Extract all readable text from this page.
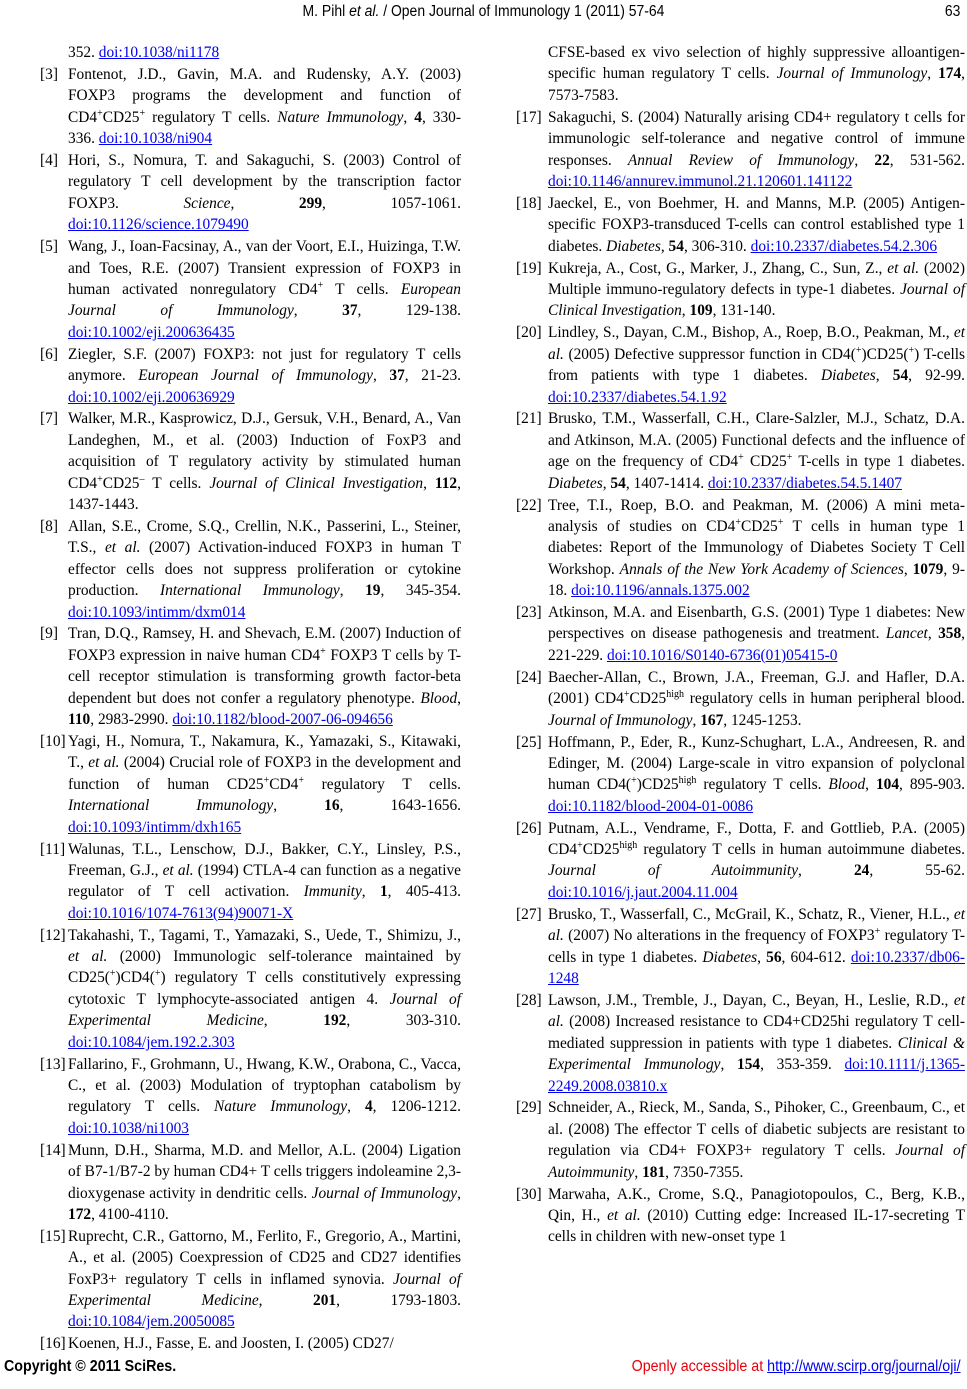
M. Pihl et al. / Open Journal of Immunology 1 (2011) 57-64	63
352. doi:10.1038/ni1178
[3] Fontenot, J.D., Gavin, M.A. and Rudensky, A.Y. (2003) FOXP3 programs the development and function of CD4+CD25+ regulatory T cells. Nature Immunology, 4, 330-336. doi:10.1038/ni904
[4] Hori, S., Nomura, T. and Sakaguchi, S. (2003) Control of regulatory T cell development by the transcription factor FOXP3. Science, 299, 1057-1061. doi:10.1126/science.1079490
[5] Wang, J., Ioan-Facsinay, A., van der Voort, E.I., Huizinga, T.W. and Toes, R.E. (2007) Transient expression of FOXP3 in human activated nonregulatory CD4+ T cells. European Journal of Immunology, 37, 129-138. doi:10.1002/eji.200636435
[6] Ziegler, S.F. (2007) FOXP3: not just for regulatory T cells anymore. European Journal of Immunology, 37, 21-23. doi:10.1002/eji.200636929
[7] Walker, M.R., Kasprowicz, D.J., Gersuk, V.H., Benard, A., Van Landeghen, M., et al. (2003) Induction of FoxP3 and acquisition of T regulatory activity by stimulated human CD4+CD25– T cells. Journal of Clinical Investigation, 112, 1437-1443.
[8] Allan, S.E., Crome, S.Q., Crellin, N.K., Passerini, L., Steiner, T.S., et al. (2007) Activation-induced FOXP3 in human T effector cells does not suppress proliferation or cytokine production. International Immunology, 19, 345-354. doi:10.1093/intimm/dxm014
[9] Tran, D.Q., Ramsey, H. and Shevach, E.M. (2007) Induction of FOXP3 expression in naive human CD4+ FOXP3 T cells by T-cell receptor stimulation is transforming growth factor-beta dependent but does not confer a regulatory phenotype. Blood, 110, 2983-2990. doi:10.1182/blood-2007-06-094656
[10] Yagi, H., Nomura, T., Nakamura, K., Yamazaki, S., Kitawaki, T., et al. (2004) Crucial role of FOXP3 in the development and function of human CD25+CD4+ regulatory T cells. International Immunology, 16, 1643-1656. doi:10.1093/intimm/dxh165
[11] Walunas, T.L., Lenschow, D.J., Bakker, C.Y., Linsley, P.S., Freeman, G.J., et al. (1994) CTLA-4 can function as a negative regulator of T cell activation. Immunity, 1, 405-413. doi:10.1016/1074-7613(94)90071-X
[12] Takahashi, T., Tagami, T., Yamazaki, S., Uede, T., Shimizu, J., et al. (2000) Immunologic self-tolerance maintained by CD25(+)CD4(+) regulatory T cells constitutively expressing cytotoxic T lymphocyte-associated antigen 4. Journal of Experimental Medicine, 192, 303-310. doi:10.1084/jem.192.2.303
[13] Fallarino, F., Grohmann, U., Hwang, K.W., Orabona, C., Vacca, C., et al. (2003) Modulation of tryptophan catabolism by regulatory T cells. Nature Immunology, 4, 1206-1212. doi:10.1038/ni1003
[14] Munn, D.H., Sharma, M.D. and Mellor, A.L. (2004) Ligation of B7-1/B7-2 by human CD4+ T cells triggers indoleamine 2,3-dioxygenase activity in dendritic cells. Journal of Immunology, 172, 4100-4110.
[15] Ruprecht, C.R., Gattorno, M., Ferlito, F., Gregorio, A., Martini, A., et al. (2005) Coexpression of CD25 and CD27 identifies FoxP3+ regulatory T cells in inflamed synovia. Journal of Experimental Medicine, 201, 1793-1803. doi:10.1084/jem.20050085
[16] Koenen, H.J., Fasse, E. and Joosten, I. (2005) CD27/
CFSE-based ex vivo selection of highly suppressive alloantigen-specific human regulatory T cells. Journal of Immunology, 174, 7573-7583.
[17] Sakaguchi, S. (2004) Naturally arising CD4+ regulatory t cells for immunologic self-tolerance and negative control of immune responses. Annual Review of Immunology, 22, 531-562. doi:10.1146/annurev.immunol.21.120601.141122
[18] Jaeckel, E., von Boehmer, H. and Manns, M.P. (2005) Antigen-specific FOXP3-transduced T-cells can control established type 1 diabetes. Diabetes, 54, 306-310. doi:10.2337/diabetes.54.2.306
[19] Kukreja, A., Cost, G., Marker, J., Zhang, C., Sun, Z., et al. (2002) Multiple immuno-regulatory defects in type-1 diabetes. Journal of Clinical Investigation, 109, 131-140.
[20] Lindley, S., Dayan, C.M., Bishop, A., Roep, B.O., Peakman, M., et al. (2005) Defective suppressor function in CD4(+)CD25(+) T-cells from patients with type 1 diabetes. Diabetes, 54, 92-99. doi:10.2337/diabetes.54.1.92
[21] Brusko, T.M., Wasserfall, C.H., Clare-Salzler, M.J., Schatz, D.A. and Atkinson, M.A. (2005) Functional defects and the influence of age on the frequency of CD4+ CD25+ T-cells in type 1 diabetes. Diabetes, 54, 1407-1414. doi:10.2337/diabetes.54.5.1407
[22] Tree, T.I., Roep, B.O. and Peakman, M. (2006) A mini meta-analysis of studies on CD4+CD25+ T cells in human type 1 diabetes: Report of the Immunology of Diabetes Society T Cell Workshop. Annals of the New York Academy of Sciences, 1079, 9-18. doi:10.1196/annals.1375.002
[23] Atkinson, M.A. and Eisenbarth, G.S. (2001) Type 1 diabetes: New perspectives on disease pathogenesis and treatment. Lancet, 358, 221-229. doi:10.1016/S0140-6736(01)05415-0
[24] Baecher-Allan, C., Brown, J.A., Freeman, G.J. and Hafler, D.A. (2001) $CD4^+CD25^{high}$ regulatory cells in human peripheral blood. Journal of Immunology, 167, 1245-1253.
[25] Hoffmann, P., Eder, R., Kunz-Schughart, L.A., Andreesen, R. and Edinger, M. (2004) Large-scale in vitro expansion of polyclonal human $CD4(^+)CD25^{high}$ regulatory T cells. Blood, 104, 895-903. doi:10.1182/blood-2004-01-0086
[26] Putnam, A.L., Vendrame, F., Dotta, F. and Gottlieb, P.A. (2005) $CD4^+CD25^{high}$ regulatory T cells in human autoimmune diabetes. Journal of Autoimmunity, 24, 55-62. doi:10.1016/j.jaut.2004.11.004
[27] Brusko, T., Wasserfall, C., McGrail, K., Schatz, R., Viener, H.L., et al. (2007) No alterations in the frequency of FOXP3+ regulatory T-cells in type 1 diabetes. Diabetes, 56, 604-612. doi:10.2337/db06-1248
[28] Lawson, J.M., Tremble, J., Dayan, C., Beyan, H., Leslie, R.D., et al. (2008) Increased resistance to CD4+CD25hi regulatory T cell-mediated suppression in patients with type 1 diabetes. Clinical & Experimental Immunology, 154, 353-359. doi:10.1111/j.1365-2249.2008.03810.x
[29] Schneider, A., Rieck, M., Sanda, S., Pihoker, C., Greenbaum, C., et al. (2008) The effector T cells of diabetic subjects are resistant to regulation via CD4+ FOXP3+ regulatory T cells. Journal of Autoimmunity, 181, 7350-7355.
[30] Marwaha, A.K., Crome, S.Q., Panagiotopoulos, C., Berg, K.B., Qin, H., et al. (2010) Cutting edge: Increased IL-17-secreting T cells in children with new-onset type 1
Copyright © 2011 SciRes.	Openly accessible at http://www.scirp.org/journal/oji/
